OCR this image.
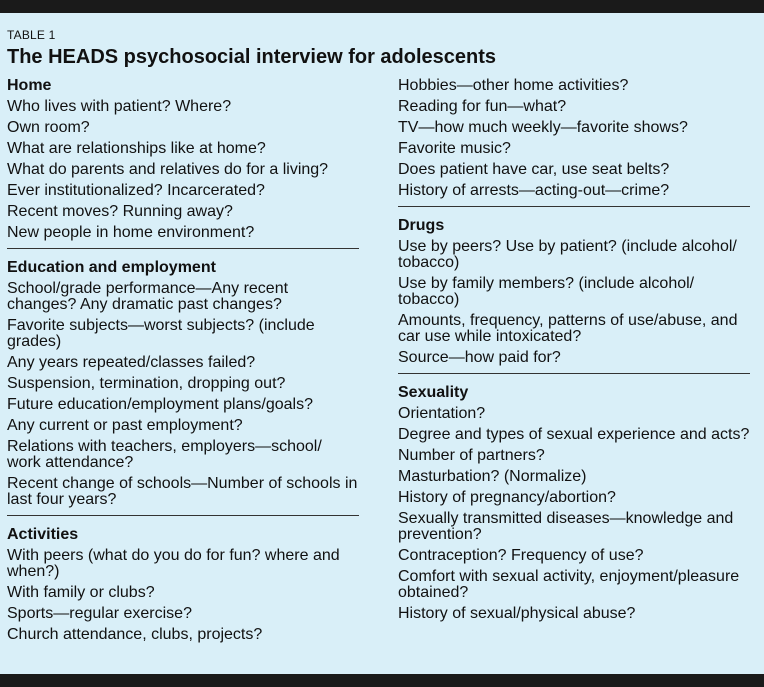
TABLE 1
The HEADS psychosocial interview for adolescents
Home
Who lives with patient? Where?
Own room?
What are relationships like at home?
What do parents and relatives do for a living?
Ever institutionalized? Incarcerated?
Recent moves? Running away?
New people in home environment?
Education and employment
School/grade performance—Any recent changes? Any dramatic past changes?
Favorite subjects—worst subjects? (include grades)
Any years repeated/classes failed?
Suspension, termination, dropping out?
Future education/employment plans/goals?
Any current or past employment?
Relations with teachers, employers—school/ work attendance?
Recent change of schools—Number of schools in last four years?
Activities
With peers (what do you do for fun? where and when?)
With family or clubs?
Sports—regular exercise?
Church attendance, clubs, projects?
Hobbies—other home activities?
Reading for fun—what?
TV—how much weekly—favorite shows?
Favorite music?
Does patient have car, use seat belts?
History of arrests—acting-out—crime?
Drugs
Use by peers? Use by patient? (include alcohol/ tobacco)
Use by family members? (include alcohol/ tobacco)
Amounts, frequency, patterns of use/abuse, and car use while intoxicated?
Source—how paid for?
Sexuality
Orientation?
Degree and types of sexual experience and acts?
Number of partners?
Masturbation? (Normalize)
History of pregnancy/abortion?
Sexually transmitted diseases—knowledge and prevention?
Contraception? Frequency of use?
Comfort with sexual activity, enjoyment/pleasure obtained?
History of sexual/physical abuse?
